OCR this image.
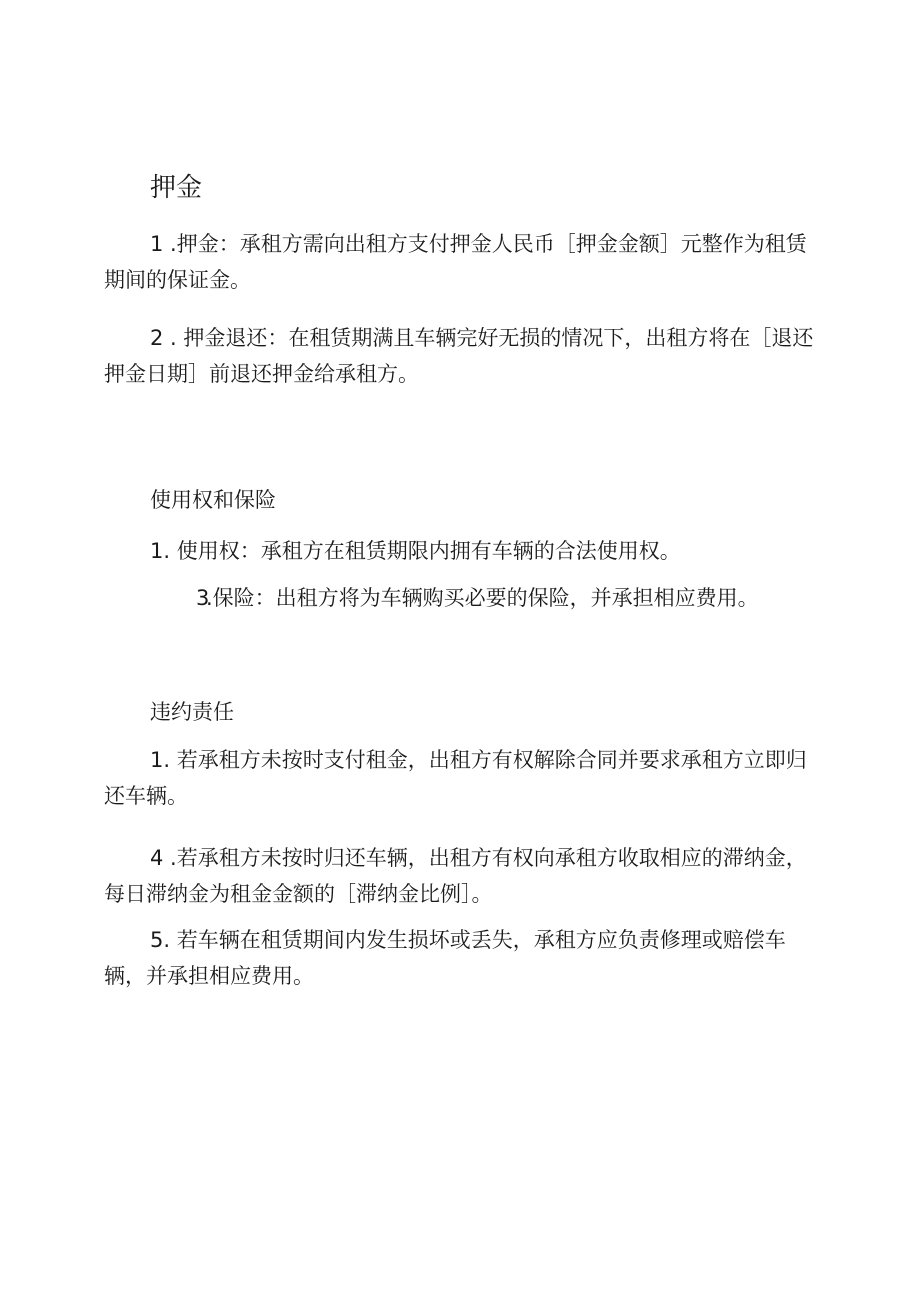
押金

1 .押金：承租方需向出租方支付押金人民币［押金金额］元整作为租赁期间的保证金。

2 . 押金退还：在租赁期满且车辆完好无损的情况下，出租方将在［退还押金日期］前退还押金给承租方。

使用权和保险

1. 使用权：承租方在租赁期限内拥有车辆的合法使用权。

3.保险：出租方将为车辆购买必要的保险，并承担相应费用。

违约责任

1. 若承租方未按时支付租金，出租方有权解除合同并要求承租方立即归还车辆。

4 .若承租方未按时归还车辆，出租方有权向承租方收取相应的滞纳金，每日滞纳金为租金金额的［滞纳金比例］。

5. 若车辆在租赁期间内发生损坏或丢失，承租方应负责修理或赔偿车辆，并承担相应费用。
